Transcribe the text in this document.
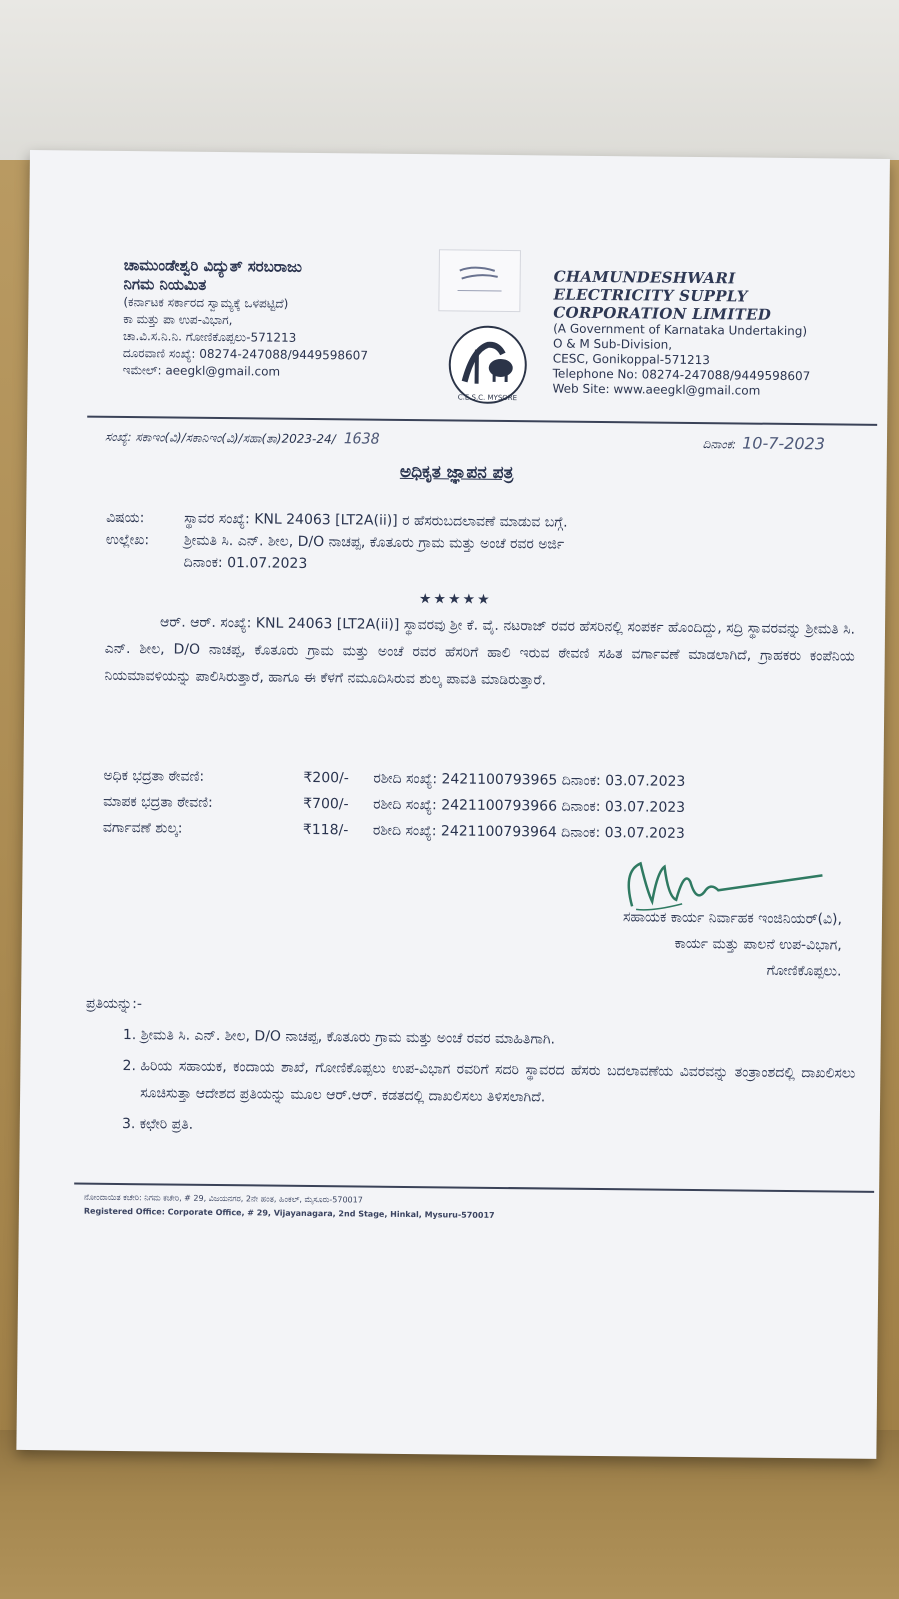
ಚಾಮುಂಡೇಶ್ವರಿ ವಿದ್ಯುತ್ ಸರಬರಾಜು
ನಿಗಮ ನಿಯಮಿತ
(ಕರ್ನಾಟಕ ಸರ್ಕಾರದ ಸ್ವಾಮ್ಯಕ್ಕೆ ಒಳಪಟ್ಟಿದೆ)
ಕಾ ಮತ್ತು ಪಾ ಉಪ-ವಿಭಾಗ,
ಚಾ.ವಿ.ಸ.ನಿ.ನಿ. ಗೋಣಿಕೊಪ್ಪಲು-571213
ದೂರವಾಣಿ ಸಂಖ್ಯೆ: 08274-247088/9449598607
ಇಮೇಲ್: aeegkl@gmail.com
C.E.S.C. MYSORE
CHAMUNDESHWARI
ELECTRICITY SUPPLY
CORPORATION LIMITED
(A Government of Karnataka Undertaking)
O & M Sub-Division,
CESC, Gonikoppal-571213
Telephone No: 08274-247088/9449598607
Web Site: www.aeegkl@gmail.com
ಸಂಖ್ಯೆ: ಸಕಾಇಂ(ವಿ)/ಸಕಾನಿಇಂ(ವಿ)/ಸಹಾ(ತಾ)2023-24/ 1638	ದಿನಾಂಕ: 10-7-2023
ಅಧಿಕೃತ ಜ್ಞಾಪನ ಪತ್ರ
ವಿಷಯ:	ಸ್ಥಾವರ ಸಂಖ್ಯೆ: KNL 24063 [LT2A(ii)] ರ ಹೆಸರುಬದಲಾವಣೆ ಮಾಡುವ ಬಗ್ಗೆ.
ಉಲ್ಲೇಖ: ಶ್ರೀಮತಿ ಸಿ. ಎನ್. ಶೀಲ, D/O ನಾಚಪ್ಪ, ಕೊತೂರು ಗ್ರಾಮ ಮತ್ತು ಅಂಚೆ ರವರ ಅರ್ಜಿ
ದಿನಾಂಕ: 01.07.2023
★★★★★
ಆರ್. ಆರ್. ಸಂಖ್ಯೆ: KNL 24063 [LT2A(ii)] ಸ್ಥಾವರವು ಶ್ರೀ ಕೆ. ವೈ. ನಟರಾಜ್ ರವರ ಹೆಸರಿನಲ್ಲಿ ಸಂಪರ್ಕ ಹೊಂದಿದ್ದು, ಸದ್ರಿ ಸ್ಥಾವರವನ್ನು ಶ್ರೀಮತಿ ಸಿ. ಎನ್. ಶೀಲ, D/O ನಾಚಪ್ಪ, ಕೊತೂರು ಗ್ರಾಮ ಮತ್ತು ಅಂಚೆ ರವರ ಹೆಸರಿಗೆ ಹಾಲಿ ಇರುವ ಠೇವಣಿ ಸಹಿತ ವರ್ಗಾವಣೆ ಮಾಡಲಾಗಿದೆ, ಗ್ರಾಹಕರು ಕಂಪೆನಿಯ ನಿಯಮಾವಳಿಯನ್ನು ಪಾಲಿಸಿರುತ್ತಾರೆ, ಹಾಗೂ ಈ ಕೆಳಗೆ ನಮೂದಿಸಿರುವ ಶುಲ್ಕ ಪಾವತಿ ಮಾಡಿರುತ್ತಾರೆ.
ಅಧಿಕ ಭದ್ರತಾ ಠೇವಣಿ:	₹200/-	ರಶೀದಿ ಸಂಖ್ಯೆ: 2421100793965 ದಿನಾಂಕ: 03.07.2023
ಮಾಪಕ ಭದ್ರತಾ ಠೇವಣಿ:	₹700/-	ರಶೀದಿ ಸಂಖ್ಯೆ: 2421100793966 ದಿನಾಂಕ: 03.07.2023
ವರ್ಗಾವಣೆ ಶುಲ್ಕ:	₹118/-	ರಶೀದಿ ಸಂಖ್ಯೆ: 2421100793964 ದಿನಾಂಕ: 03.07.2023
ಸಹಾಯಕ ಕಾರ್ಯ ನಿರ್ವಾಹಕ ಇಂಜಿನಿಯರ್(ವಿ),
ಕಾರ್ಯ ಮತ್ತು ಪಾಲನೆ ಉಪ-ವಿಭಾಗ,
ಗೋಣಿಕೊಪ್ಪಲು.
ಪ್ರತಿಯನ್ನು:-
1. ಶ್ರೀಮತಿ ಸಿ. ಎನ್. ಶೀಲ, D/O ನಾಚಪ್ಪ, ಕೊತೂರು ಗ್ರಾಮ ಮತ್ತು ಅಂಚೆ ರವರ ಮಾಹಿತಿಗಾಗಿ.
2. ಹಿರಿಯ ಸಹಾಯಕ, ಕಂದಾಯ ಶಾಖೆ, ಗೋಣಿಕೊಪ್ಪಲು ಉಪ-ವಿಭಾಗ ರವರಿಗೆ ಸದರಿ ಸ್ಥಾವರದ ಹೆಸರು ಬದಲಾವಣೆಯ ವಿವರವನ್ನು ತಂತ್ರಾಂಶದಲ್ಲಿ ದಾಖಲಿಸಲು ಸೂಚಿಸುತ್ತಾ ಆದೇಶದ ಪ್ರತಿಯನ್ನು ಮೂಲ ಆರ್.ಆರ್. ಕಡತದಲ್ಲಿ ದಾಖಲಿಸಲು ತಿಳಿಸಲಾಗಿದೆ.
3. ಕಛೇರಿ ಪ್ರತಿ.
ನೋಂದಾಯಿತ ಕಚೇರಿ: ನಿಗಮ ಕಚೇರಿ, # 29, ವಿಜಯನಗರ, 2ನೇ ಹಂತ, ಹಿಂಕಲ್, ಮೈಸೂರು-570017
Registered Office: Corporate Office, # 29, Vijayanagara, 2nd Stage, Hinkal, Mysuru-570017
